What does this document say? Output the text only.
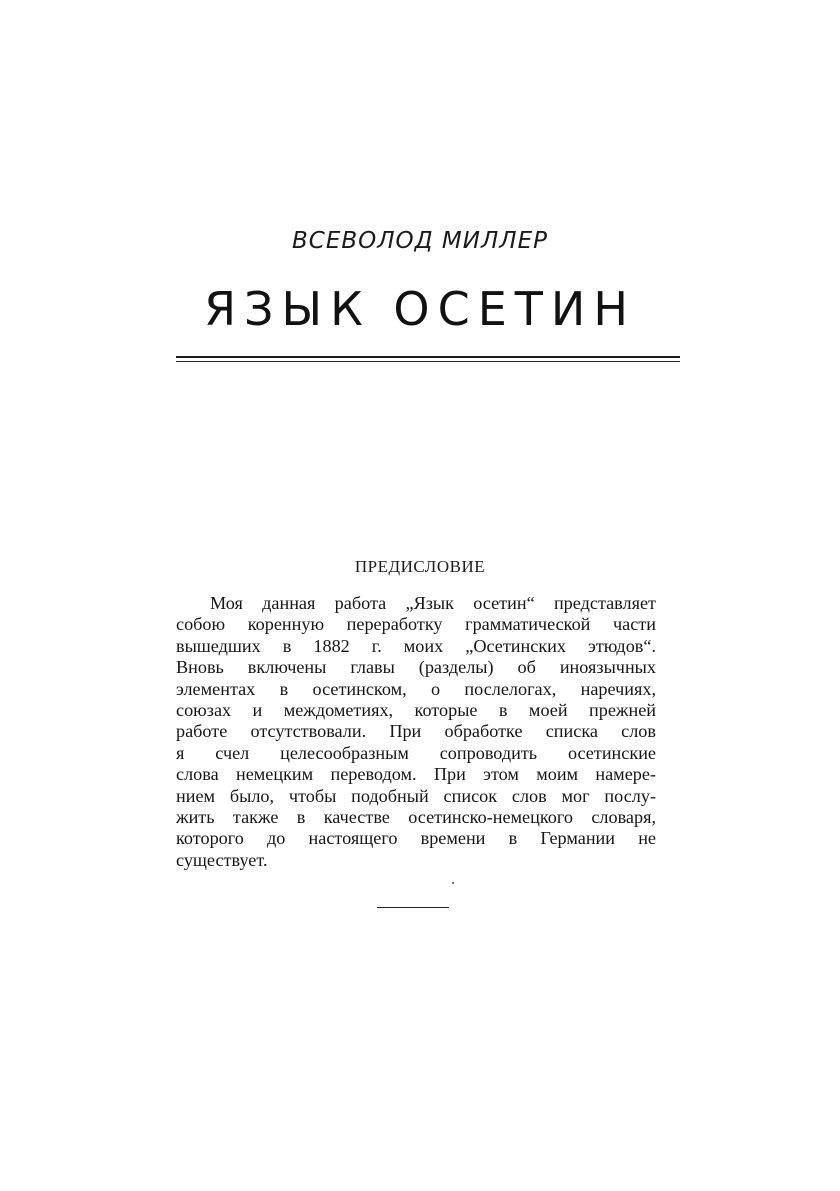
ВСЕВОЛОД МИЛЛЕР
ЯЗЫК ОСЕТИН
ПРЕДИСЛОВИЕ
Моя данная работа „Язык осетин“ представляет
собою коренную переработку грамматической части
вышедших в 1882 г. моих „Осетинских этюдов“.
Вновь включены главы (разделы) об иноязычных
элементах в осетинском, о послелогах, наречиях,
союзах и междометиях, которые в моей прежней
работе отсутствовали. При обработке списка слов
я счел целесообразным сопроводить осетинские
слова немецким переводом. При этом моим намере-
нием было, чтобы подобный список слов мог послу-
жить также в качестве осетинско-немецкого словаря,
которого до настоящего времени в Германии не
существует.
